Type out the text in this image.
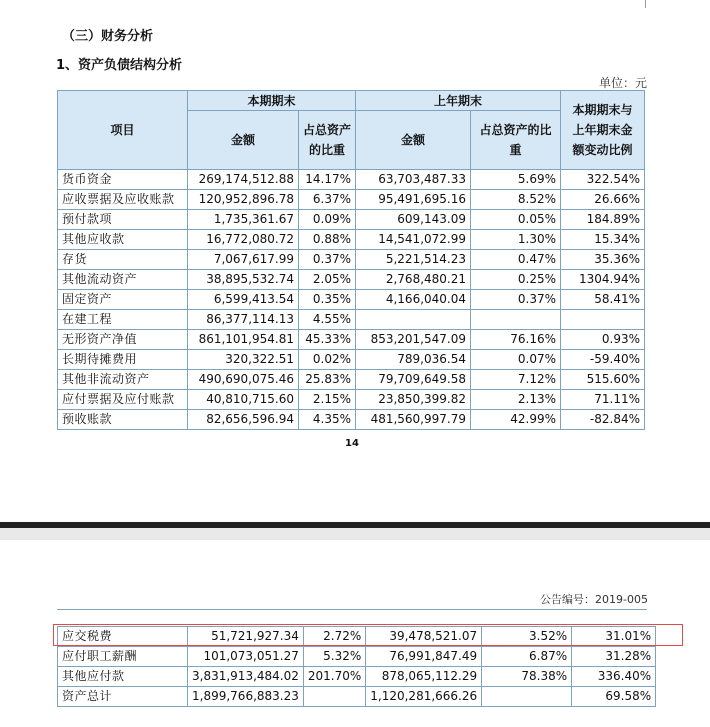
（三）财务分析
1、资产负债结构分析
单位：元
项目	本期期末		上年期末		本期期末与上年期末金额变动比例
	金额	占总资产的比重	金额	占总资产的比重	
货币资金	269,174,512.88	14.17%	63,703,487.33	5.69%	322.54%
应收票据及应收账款	120,952,896.78	6.37%	95,491,695.16	8.52%	26.66%
预付款项	1,735,361.67	0.09%	609,143.09	0.05%	184.89%
其他应收款	16,772,080.72	0.88%	14,541,072.99	1.30%	15.34%
存货	7,067,617.99	0.37%	5,221,514.23	0.47%	35.36%
其他流动资产	38,895,532.74	2.05%	2,768,480.21	0.25%	1304.94%
固定资产	6,599,413.54	0.35%	4,166,040.04	0.37%	58.41%
在建工程	86,377,114.13	4.55%			
无形资产净值	861,101,954.81	45.33%	853,201,547.09	76.16%	0.93%
长期待摊费用	320,322.51	0.02%	789,036.54	0.07%	-59.40%
其他非流动资产	490,690,075.46	25.83%	79,709,649.58	7.12%	515.60%
应付票据及应付账款	40,810,715.60	2.15%	23,850,399.82	2.13%	71.11%
预收账款	82,656,596.94	4.35%	481,560,997.79	42.99%	-82.84%
14
公告编号：2019-005
应交税费	51,721,927.34	2.72%	39,478,521.07	3.52%	31.01%
应付职工薪酬	101,073,051.27	5.32%	76,991,847.49	6.87%	31.28%
其他应付款	3,831,913,484.02	201.70%	878,065,112.29	78.38%	336.40%
资产总计	1,899,766,883.23		1,120,281,666.26		69.58%
